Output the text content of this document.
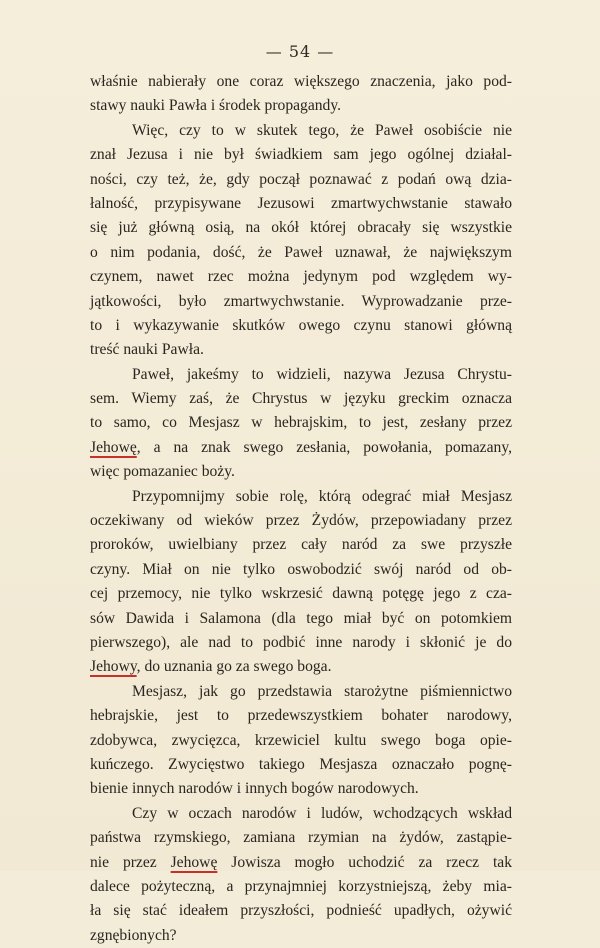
— 54 —
właśnie nabierały one coraz większego znaczenia, jako pod-
stawy nauki Pawła i środek propagandy.
Więc, czy to w skutek tego, że Paweł osobiście nie
znał Jezusa i nie był świadkiem sam jego ogólnej działal-
ności, czy też, że, gdy począł poznawać z podań ową dzia-
łalność, przypisywane Jezusowi zmartwychwstanie stawało
się już główną osią, na okół której obracały się wszystkie
o nim podania, dość, że Paweł uznawał, że największym
czynem, nawet rzec można jedynym pod względem wy-
jątkowości, było zmartwychwstanie. Wyprowadzanie prze-
to i wykazywanie skutków owego czynu stanowi główną
treść nauki Pawła.
Paweł, jakeśmy to widzieli, nazywa Jezusa Chrystu-
sem. Wiemy zaś, że Chrystus w języku greckim oznacza
to samo, co Mesjasz w hebrajskim, to jest, zesłany przez
Jehowę, a na znak swego zesłania, powołania, pomazany,
więc pomazaniec boży.
Przypomnijmy sobie rolę, którą odegrać miał Mesjasz
oczekiwany od wieków przez Żydów, przepowiadany przez
proroków, uwielbiany przez cały naród za swe przyszłe
czyny. Miał on nie tylko oswobodzić swój naród od ob-
cej przemocy, nie tylko wskrzesić dawną potęgę jego z cza-
sów Dawida i Salamona (dla tego miał być on potomkiem
pierwszego), ale nad to podbić inne narody i skłonić je do
Jehowy, do uznania go za swego boga.
Mesjasz, jak go przedstawia starożytne piśmiennictwo
hebrajskie, jest to przedewszystkiem bohater narodowy,
zdobywca, zwycięzca, krzewiciel kultu swego boga opie-
kuńczego. Zwycięstwo takiego Mesjasza oznaczało pognę-
bienie innych narodów i innych bogów narodowych.
Czy w oczach narodów i ludów, wchodzących wskład
państwa rzymskiego, zamiana rzymian na żydów, zastąpie-
nie przez Jehowę Jowisza mogło uchodzić za rzecz tak
dalece pożyteczną, a przynajmniej korzystniejszą, żeby mia-
ła się stać ideałem przyszłości, podnieść upadłych, ożywić
zgnębionych?
